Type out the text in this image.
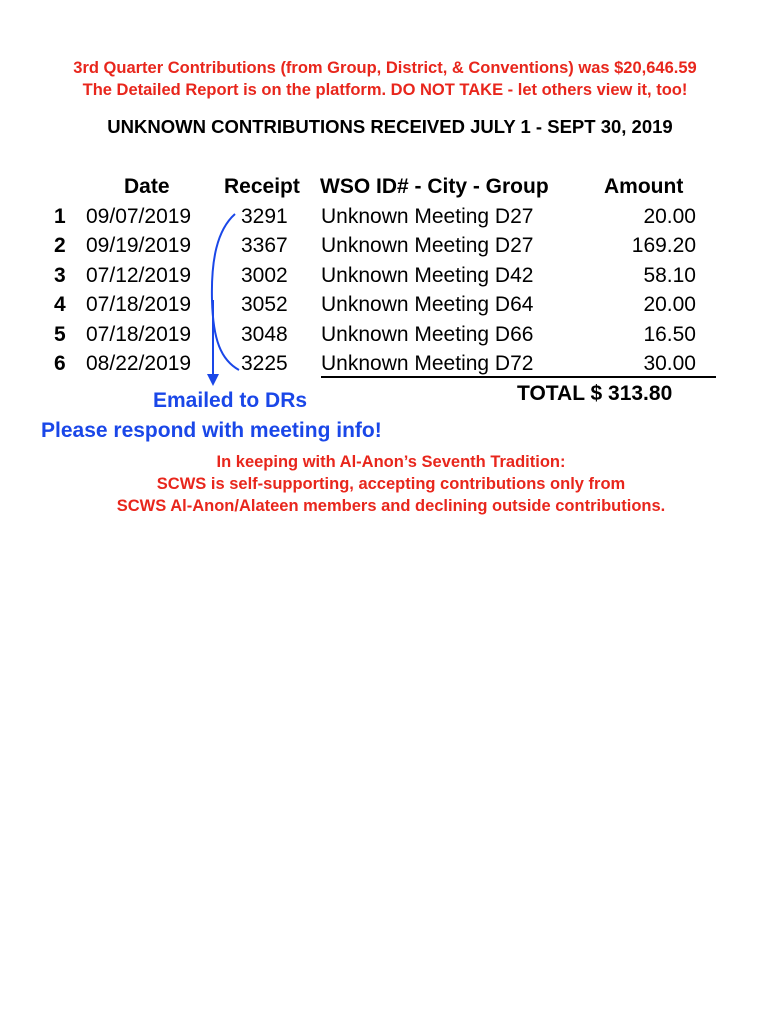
3rd Quarter Contributions (from Group, District, & Conventions) was $20,646.59
The Detailed Report is on the platform. DO NOT TAKE - let others view it, too!
UNKNOWN CONTRIBUTIONS RECEIVED JULY 1 - SEPT 30, 2019
Date	Receipt WSO ID# - City - Group	Amount
1 09/07/2019 3291 Unknown Meeting D27	20.00
2 09/19/2019 3367 Unknown Meeting D27	169.20
3 07/12/2019 3002 Unknown Meeting D42	58.10
4 07/18/2019 3052 Unknown Meeting D64	20.00
5 07/18/2019 3048 Unknown Meeting D66	16.50
6 08/22/2019 3225 Unknown Meeting D72	30.00
TOTAL $ 313.80
Emailed to DRs
Please respond with meeting info!
In keeping with Al-Anon’s Seventh Tradition:
SCWS is self-supporting, accepting contributions only from
SCWS Al-Anon/Alateen members and declining outside contributions.
